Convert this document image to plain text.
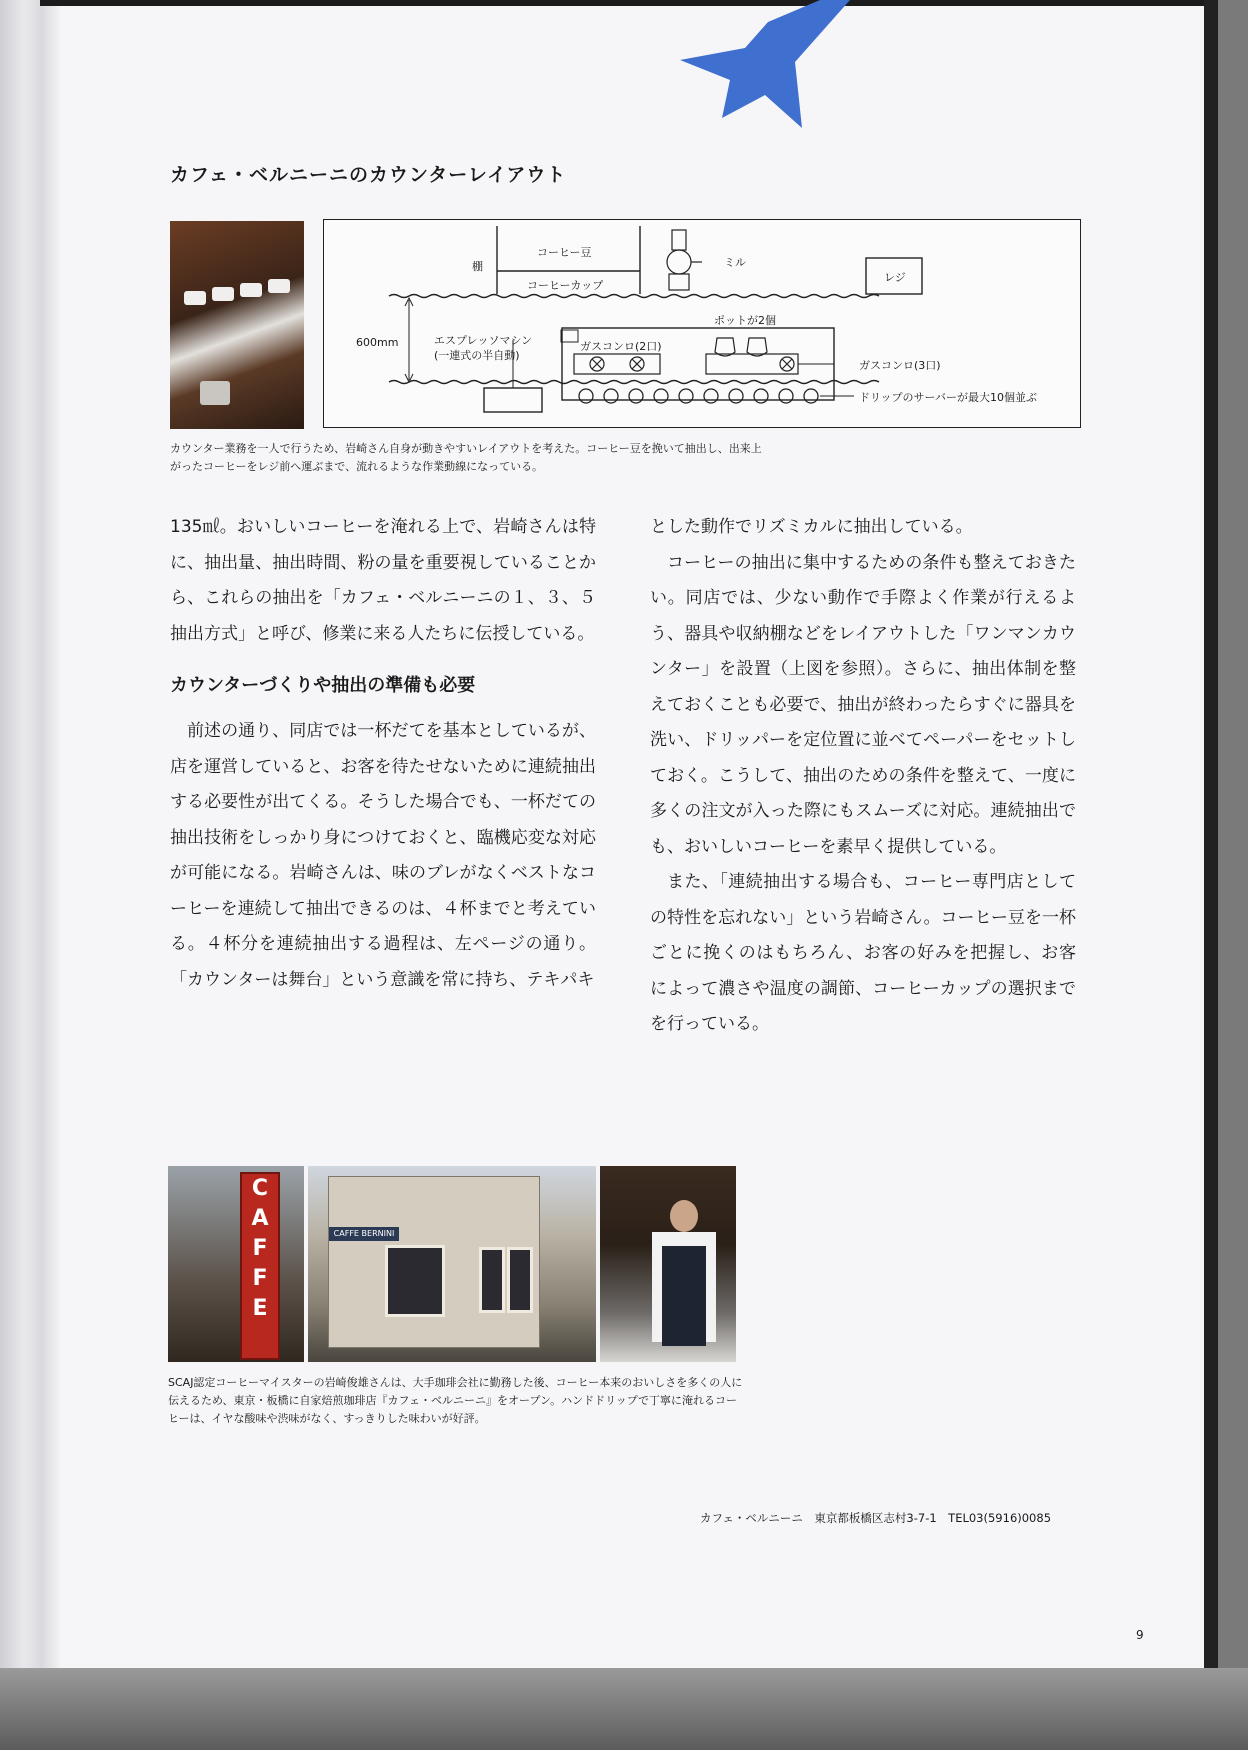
カフェ・ベルニーニのカウンターレイアウト
棚
コーヒー豆
コーヒーカップ
ミル
レジ
600mm	エスプレッソマシン
(一連式の半自動)
ポットが2個
ガスコンロ(2口)
ガスコンロ(3口)
ドリップのサーバーが最大10個並ぶ
カウンター業務を一人で行うため、岩崎さん自身が動きやすいレイアウトを考えた。コーヒー豆を挽いて抽出し、出来上がったコーヒーをレジ前へ運ぶまで、流れるような作業動線になっている。

135㎖。おいしいコーヒーを淹れる上で、岩崎さんは特に、抽出量、抽出時間、粉の量を重要視していることから、これらの抽出を「カフェ・ベルニーニの１、３、５抽出方式」と呼び、修業に来る人たちに伝授している。

カウンターづくりや抽出の準備も必要

前述の通り、同店では一杯だてを基本としているが、店を運営していると、お客を待たせないために連続抽出する必要性が出てくる。そうした場合でも、一杯だての抽出技術をしっかり身につけておくと、臨機応変な対応が可能になる。岩崎さんは、味のブレがなくベストなコーヒーを連続して抽出できるのは、４杯までと考えている。４杯分を連続抽出する過程は、左ページの通り。「カウンターは舞台」という意識を常に持ち、テキパキ

とした動作でリズミカルに抽出している。

コーヒーの抽出に集中するための条件も整えておきたい。同店では、少ない動作で手際よく作業が行えるよう、器具や収納棚などをレイアウトした「ワンマンカウンター」を設置（上図を参照）。さらに、抽出体制を整えておくことも必要で、抽出が終わったらすぐに器具を洗い、ドリッパーを定位置に並べてペーパーをセットしておく。こうして、抽出のための条件を整えて、一度に多くの注文が入った際にもスムーズに対応。連続抽出でも、おいしいコーヒーを素早く提供している。

また、「連続抽出する場合も、コーヒー専門店としての特性を忘れない」という岩崎さん。コーヒー豆を一杯ごとに挽くのはもちろん、お客の好みを把握し、お客によって濃さや温度の調節、コーヒーカップの選択までを行っている。

C
A
F
F
E
CAFFE BERNINI
SCAJ認定コーヒーマイスターの岩崎俊雄さんは、大手珈琲会社に勤務した後、コーヒー本来のおいしさを多くの人に伝えるため、東京・板橋に自家焙煎珈琲店『カフェ・ベルニーニ』をオープン。ハンドドリップで丁寧に淹れるコーヒーは、イヤな酸味や渋味がなく、すっきりした味わいが好評。
カフェ・ベルニーニ　東京都板橋区志村3-7-1　TEL03(5916)0085
9
